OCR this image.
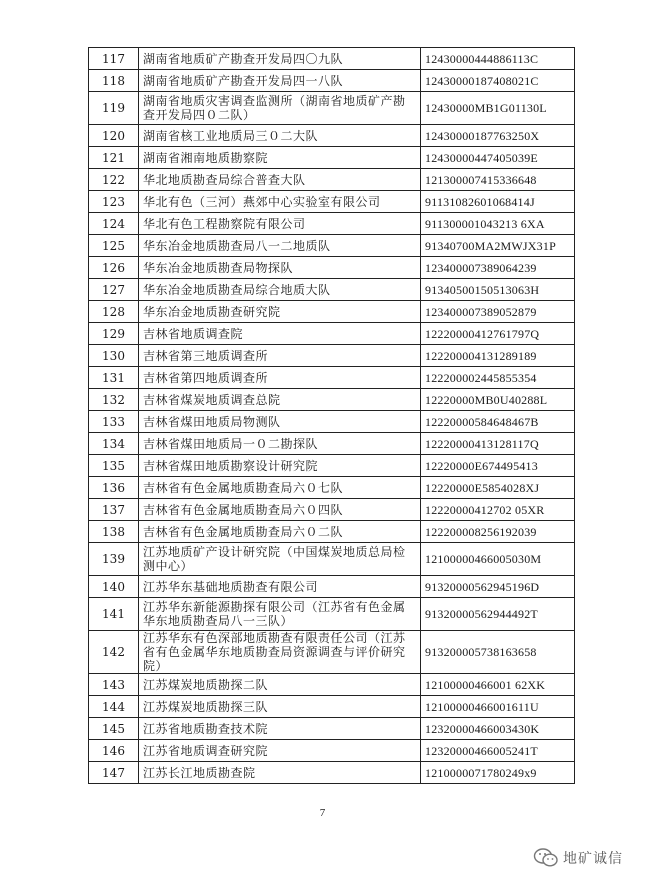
117	湖南省地质矿产勘查开发局四〇九队	12430000444886113C
118	湖南省地质矿产勘查开发局四一八队	12430000187408021C
119	湖南省地质灾害调查监测所（湖南省地质矿产勘查开发局四０二队）	12430000MB1G01130L
120	湖南省核工业地质局三０二大队	12430000187763250X
121	湖南省湘南地质勘察院	12430000447405039E
122	华北地质勘查局综合普查大队	121300007415336648
123	华北有色（三河）燕郊中心实验室有限公司	91131082601068414J
124	华北有色工程勘察院有限公司	911300001043213 6XA
125	华东冶金地质勘查局八一二地质队	91340700MA2MWJX31P
126	华东冶金地质勘查局物探队	123400007389064239
127	华东冶金地质勘查局综合地质大队	91340500150513063H
128	华东冶金地质勘查研究院	123400007389052879
129	吉林省地质调查院	12220000412761797Q
130	吉林省第三地质调查所	122200004131289189
131	吉林省第四地质调查所	122200002445855354
132	吉林省煤炭地质调查总院	12220000MB0U40288L
133	吉林省煤田地质局物测队	12220000584648467B
134	吉林省煤田地质局一０二勘探队	12220000413128117Q
135	吉林省煤田地质勘察设计研究院	12220000E674495413
136	吉林省有色金属地质勘查局六０七队	12220000E5854028XJ
137	吉林省有色金属地质勘查局六０四队	12220000412702 05XR
138	吉林省有色金属地质勘查局六０二队	122200008256192039
139	江苏地质矿产设计研究院（中国煤炭地质总局检测中心）	12100000466005030M
140	江苏华东基础地质勘查有限公司	91320000562945196D
141	江苏华东新能源勘探有限公司（江苏省有色金属华东地质勘查局八一三队）	91320000562944492T
142	江苏华东有色深部地质勘查有限责任公司（江苏省有色金属华东地质勘查局资源调查与评价研究院）	913200005738163658
143	江苏煤炭地质勘探二队	12100000466001 62XK
144	江苏煤炭地质勘探三队	12100000466001611U
145	江苏省地质勘查技术院	12320000466003430K
146	江苏省地质调查研究院	12320000466005241T
147	江苏长江地质勘查院	1210000071780249x9
7
地矿诚信
